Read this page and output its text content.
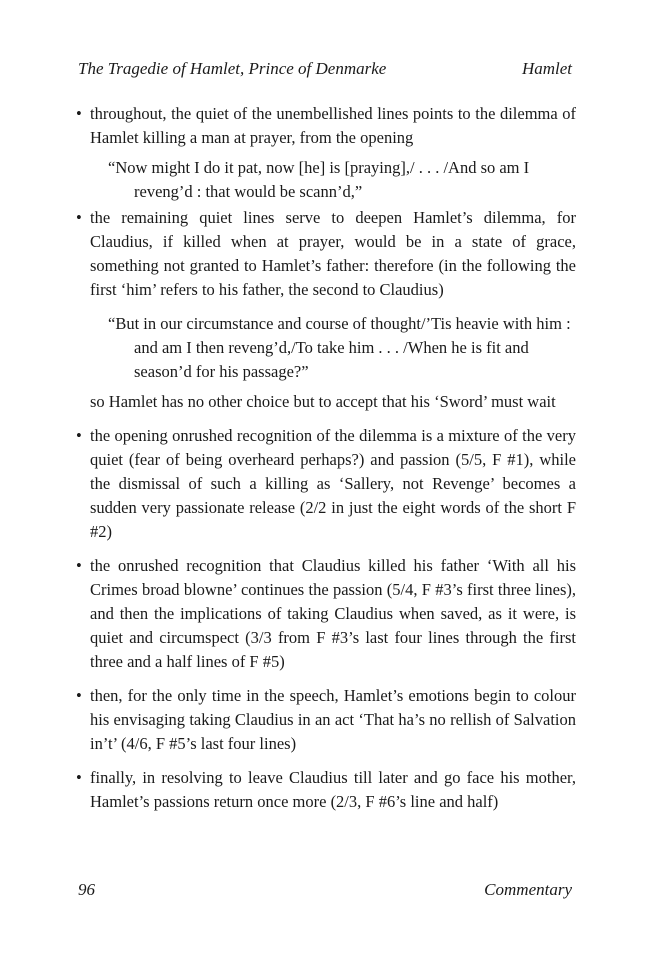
The Tragedie of Hamlet, Prince of Denmarke	Hamlet
• throughout, the quiet of the unembellished lines points to the dilemma of Hamlet killing a man at prayer, from the opening

“Now might I do it pat, now [he] is [praying],/ . . . /And so am I reveng’d : that would be scann’d,”

• the remaining quiet lines serve to deepen Hamlet’s dilemma, for Claudius, if killed when at prayer, would be in a state of grace, something not granted to Hamlet’s father: therefore (in the following the first ‘him’ refers to his father, the second to Claudius)

“But in our circumstance and course of thought/’Tis heavie with him : and am I then reveng’d,/To take him . . . /When he is fit and season’d for his passage?”

so Hamlet has no other choice but to accept that his ‘Sword’ must wait
• the opening onrushed recognition of the dilemma is a mixture of the very quiet (fear of being overheard perhaps?) and passion (5/5, F #1), while the dismissal of such a killing as ‘Sallery, not Revenge’ becomes a sudden very passionate release (2/2 in just the eight words of the short F #2)
• the onrushed recognition that Claudius killed his father ‘With all his Crimes broad blowne’ continues the passion (5/4, F #3’s first three lines), and then the implications of taking Claudius when saved, as it were, is quiet and circumspect (3/3 from F #3’s last four lines through the first three and a half lines of F #5)
• then, for the only time in the speech, Hamlet’s emotions begin to colour his envisaging taking Claudius in an act ‘That ha’s no rellish of Salvation in’t’ (4/6, F #5’s last four lines)
• finally, in resolving to leave Claudius till later and go face his mother, Hamlet’s passions return once more (2/3, F #6’s line and half)
96	Commentary
